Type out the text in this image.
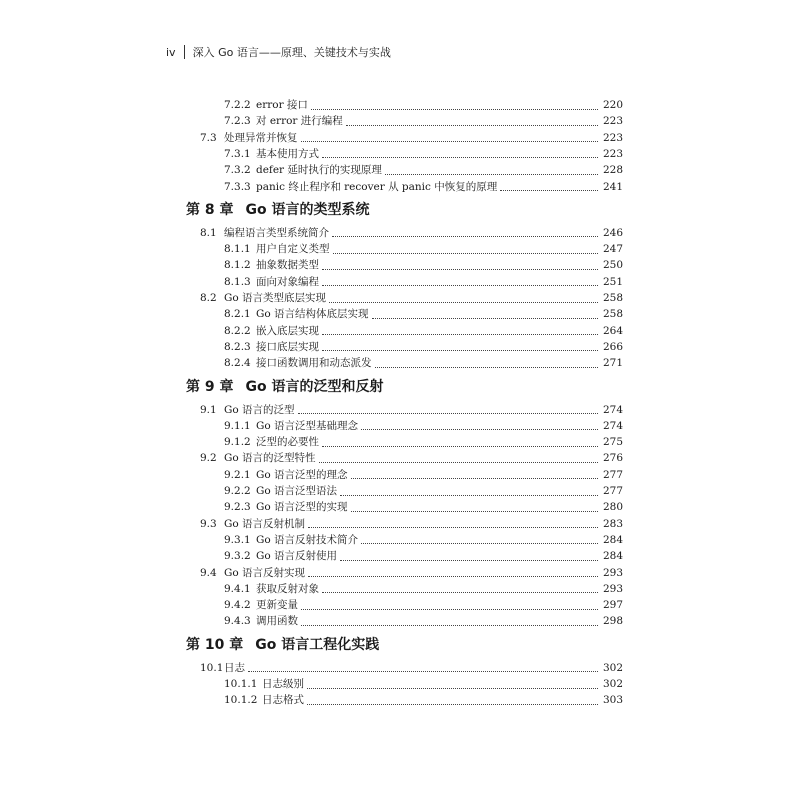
iv 深入 Go 语言——原理、关键技术与实战
7.2.2 error 接口	220
7.2.3 对 error 进行编程	223
7.3 处理异常并恢复	223
7.3.1 基本使用方式	223
7.3.2 defer 延时执行的实现原理	228
7.3.3 panic 终止程序和 recover 从 panic 中恢复的原理	241
第 8 章 Go 语言的类型系统
8.1 编程语言类型系统简介	246
8.1.1 用户自定义类型	247
8.1.2 抽象数据类型	250
8.1.3 面向对象编程	251
8.2 Go 语言类型底层实现	258
8.2.1 Go 语言结构体底层实现	258
8.2.2 嵌入底层实现	264
8.2.3 接口底层实现	266
8.2.4 接口函数调用和动态派发	271
第 9 章 Go 语言的泛型和反射
9.1 Go 语言的泛型	274
9.1.1 Go 语言泛型基础理念	274
9.1.2 泛型的必要性	275
9.2 Go 语言的泛型特性	276
9.2.1 Go 语言泛型的理念	277
9.2.2 Go 语言泛型语法	277
9.2.3 Go 语言泛型的实现	280
9.3 Go 语言反射机制	283
9.3.1 Go 语言反射技术简介	284
9.3.2 Go 语言反射使用	284
9.4 Go 语言反射实现	293
9.4.1 获取反射对象	293
9.4.2 更新变量	297
9.4.3 调用函数	298
第 10 章 Go 语言工程化实践
10.1 日志	302
10.1.1 日志级别	302
10.1.2 日志格式	303
